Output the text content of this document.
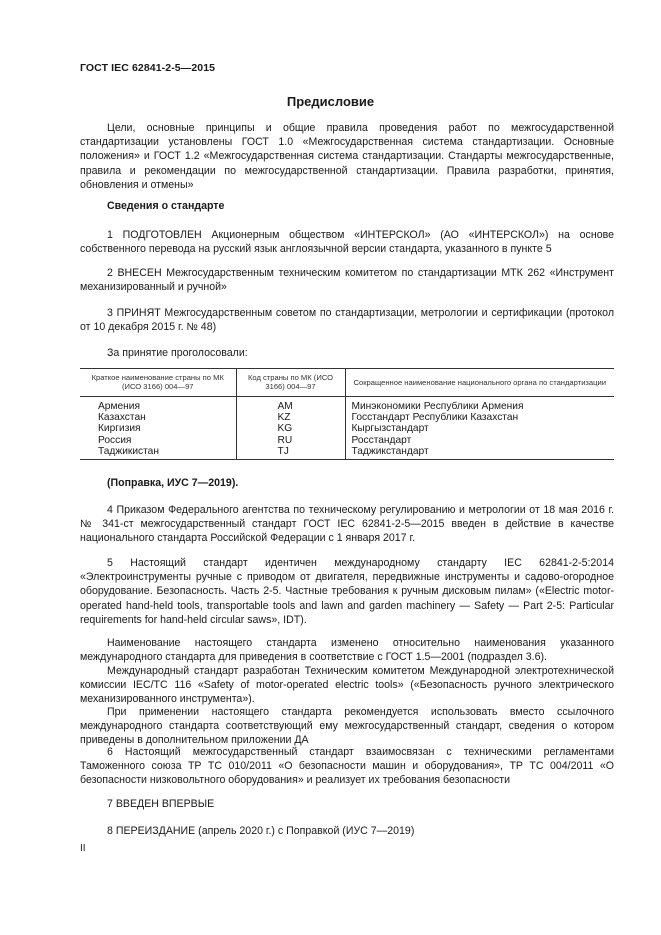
ГОСТ IEC 62841-2-5—2015
Предисловие

Цели, основные принципы и общие правила проведения работ по межгосударственной стандартизации установлены ГОСТ 1.0 «Межгосударственная система стандартизации. Основные положения» и ГОСТ 1.2 «Межгосударственная система стандартизации. Стандарты межгосударственные, правила и рекомендации по межгосударственной стандартизации. Правила разработки, принятия, обновления и отмены»

Сведения о стандарте

1 ПОДГОТОВЛЕН Акционерным обществом «ИНТЕРСКОЛ» (АО «ИНТЕРСКОЛ») на основе собственного перевода на русский язык англоязычной версии стандарта, указанного в пункте 5

2 ВНЕСЕН Межгосударственным техническим комитетом по стандартизации МТК 262 «Инструмент механизированный и ручной»

3 ПРИНЯТ Межгосударственным советом по стандартизации, метрологии и сертификации (протокол от 10 декабря 2015 г. № 48)

За принятие проголосовали:

Краткое наименование страны по МК (ИСО 3166) 004—97	Код страны по МК (ИСО 3166) 004—97	Сокращенное наименование национального органа по стандартизации
Армения	AM	Минэкономики Республики Армения
Казахстан	KZ	Госстандарт Республики Казахстан
Киргизия	KG	Кыргызстандарт
Россия	RU	Росстандарт
Таджикистан	TJ	Таджикстандарт

(Поправка, ИУС 7—2019).

4 Приказом Федерального агентства по техническому регулированию и метрологии от 18 мая 2016 г. № 341-ст межгосударственный стандарт ГОСТ IEC 62841-2-5—2015 введен в действие в качестве национального стандарта Российской Федерации с 1 января 2017 г.

5 Настоящий стандарт идентичен международному стандарту IEC 62841-2-5:2014 «Электроинструменты ручные с приводом от двигателя, передвижные инструменты и садово-огородное оборудование. Безопасность. Часть 2-5. Частные требования к ручным дисковым пилам» («Electric motor-operated hand-held tools, transportable tools and lawn and garden machinery — Safety — Part 2-5: Particular requirements for hand-held circular saws», IDT).

Наименование настоящего стандарта изменено относительно наименования указанного международного стандарта для приведения в соответствие с ГОСТ 1.5—2001 (подраздел 3.6).

Международный стандарт разработан Техническим комитетом Международной электротехнической комиссии IEC/TC 116 «Safety of motor-operated electric tools» («Безопасность ручного электрического механизированного инструмента»).

При применении настоящего стандарта рекомендуется использовать вместо ссылочного международного стандарта соответствующий ему межгосударственный стандарт, сведения о котором приведены в дополнительном приложении ДА

6 Настоящий межгосударственный стандарт взаимосвязан с техническими регламентами Таможенного союза ТР ТС 010/2011 «О безопасности машин и оборудования», ТР ТС 004/2011 «О безопасности низковольтного оборудования» и реализует их требования безопасности

7 ВВЕДЕН ВПЕРВЫЕ

8 ПЕРЕИЗДАНИЕ (апрель 2020 г.) с Поправкой (ИУС 7—2019)

II
